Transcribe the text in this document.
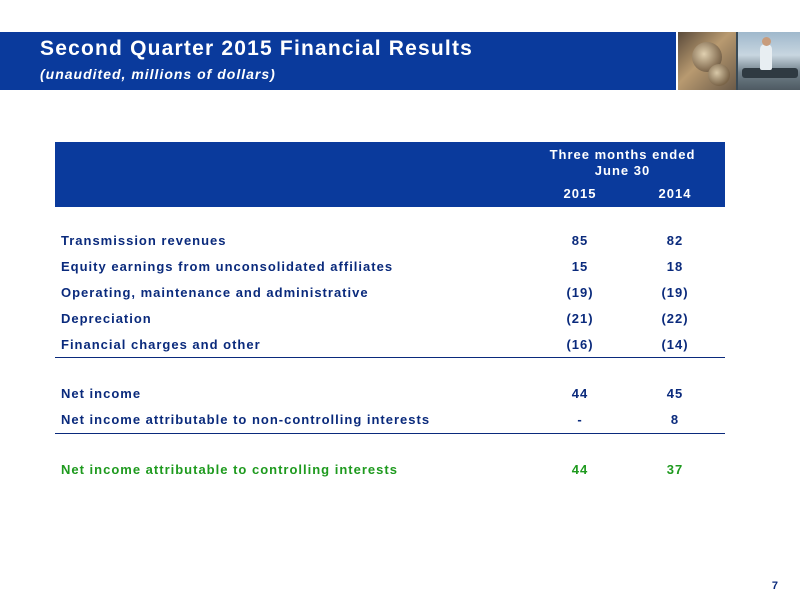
Second Quarter 2015 Financial Results
(unaudited, millions of dollars)
Three months ended
June 30
2015	2014
Transmission revenues	85	82
Equity earnings from unconsolidated affiliates	15	18
Operating, maintenance and administrative	(19)	(19)
Depreciation	(21)	(22)
Financial charges and other	(16)	(14)
Net income	44	45
Net income attributable to non-controlling interests	-	8
Net income attributable to controlling interests	44	37
7
